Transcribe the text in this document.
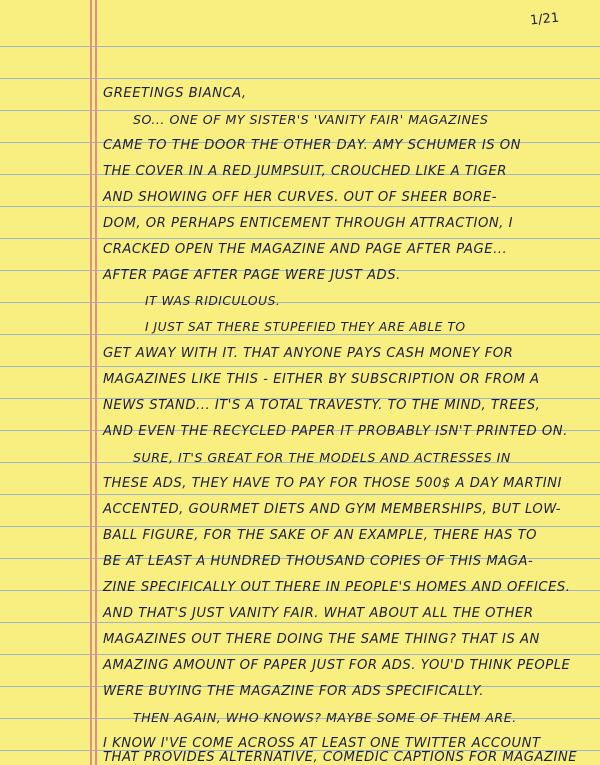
1/21
GREETINGS BIANCA,
SO... ONE OF MY SISTER'S 'VANITY FAIR' MAGAZINES
CAME TO THE DOOR THE OTHER DAY. AMY SCHUMER IS ON
THE COVER IN A RED JUMPSUIT, CROUCHED LIKE A TIGER
AND SHOWING OFF HER CURVES. OUT OF SHEER BORE-
DOM, OR PERHAPS ENTICEMENT THROUGH ATTRACTION, I
CRACKED OPEN THE MAGAZINE AND PAGE AFTER PAGE...
AFTER PAGE AFTER PAGE WERE JUST ADS.
IT WAS RIDICULOUS.
I JUST SAT THERE STUPEFIED THEY ARE ABLE TO
GET AWAY WITH IT. THAT ANYONE PAYS CASH MONEY FOR
MAGAZINES LIKE THIS - EITHER BY SUBSCRIPTION OR FROM A
NEWS STAND... IT'S A TOTAL TRAVESTY. TO THE MIND, TREES,
AND EVEN THE RECYCLED PAPER IT PROBABLY ISN'T PRINTED ON.
SURE, IT'S GREAT FOR THE MODELS AND ACTRESSES IN
THESE ADS, THEY HAVE TO PAY FOR THOSE 500$ A DAY MARTINI
ACCENTED, GOURMET DIETS AND GYM MEMBERSHIPS, BUT LOW-
BALL FIGURE, FOR THE SAKE OF AN EXAMPLE, THERE HAS TO
BE AT LEAST A HUNDRED THOUSAND COPIES OF THIS MAGA-
ZINE SPECIFICALLY OUT THERE IN PEOPLE'S HOMES AND OFFICES.
AND THAT'S JUST VANITY FAIR. WHAT ABOUT ALL THE OTHER
MAGAZINES OUT THERE DOING THE SAME THING? THAT IS AN
AMAZING AMOUNT OF PAPER JUST FOR ADS. YOU'D THINK PEOPLE
WERE BUYING THE MAGAZINE FOR ADS SPECIFICALLY.
THEN AGAIN, WHO KNOWS? MAYBE SOME OF THEM ARE.
I KNOW I'VE COME ACROSS AT LEAST ONE TWITTER ACCOUNT
THAT PROVIDES ALTERNATIVE, COMEDIC CAPTIONS FOR MAGAZINE
